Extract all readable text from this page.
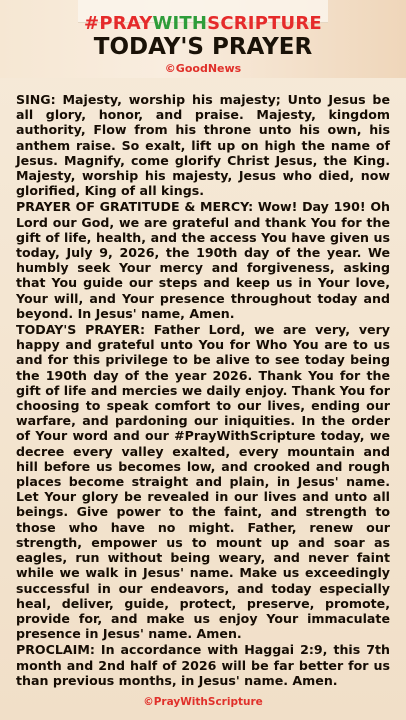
#PRAYWITHSCRIPTURE
TODAY'S PRAYER
©GoodNews

SING: Majesty, worship his majesty; Unto Jesus be all glory, honor, and praise. Majesty, kingdom authority, Flow from his throne unto his own, his anthem raise. So exalt, lift up on high the name of Jesus. Magnify, come glorify Christ Jesus, the King. Majesty, worship his majesty, Jesus who died, now glorified, King of all kings.

PRAYER OF GRATITUDE & MERCY: Wow! Day 190! Oh Lord our God, we are grateful and thank You for the gift of life, health, and the access You have given us today, July 9, 2026, the 190th day of the year. We humbly seek Your mercy and forgiveness, asking that You guide our steps and keep us in Your love, Your will, and Your presence throughout today and beyond. In Jesus' name, Amen.

TODAY'S PRAYER: Father Lord, we are very, very happy and grateful unto You for Who You are to us and for this privilege to be alive to see today being the 190th day of the year 2026. Thank You for the gift of life and mercies we daily enjoy. Thank You for choosing to speak comfort to our lives, ending our warfare, and pardoning our iniquities. In the order of Your word and our #PrayWithScripture today, we decree every valley exalted, every mountain and hill before us becomes low, and crooked and rough places become straight and plain, in Jesus' name. Let Your glory be revealed in our lives and unto all beings. Give power to the faint, and strength to those who have no might. Father, renew our strength, empower us to mount up and soar as eagles, run without being weary, and never faint while we walk in Jesus' name. Make us exceedingly successful in our endeavors, and today especially heal, deliver, guide, protect, preserve, promote, provide for, and make us enjoy Your immaculate presence in Jesus' name. Amen.

PROCLAIM: In accordance with Haggai 2:9, this 7th month and 2nd half of 2026 will be far better for us than previous months, in Jesus' name. Amen.

©PrayWithScripture
